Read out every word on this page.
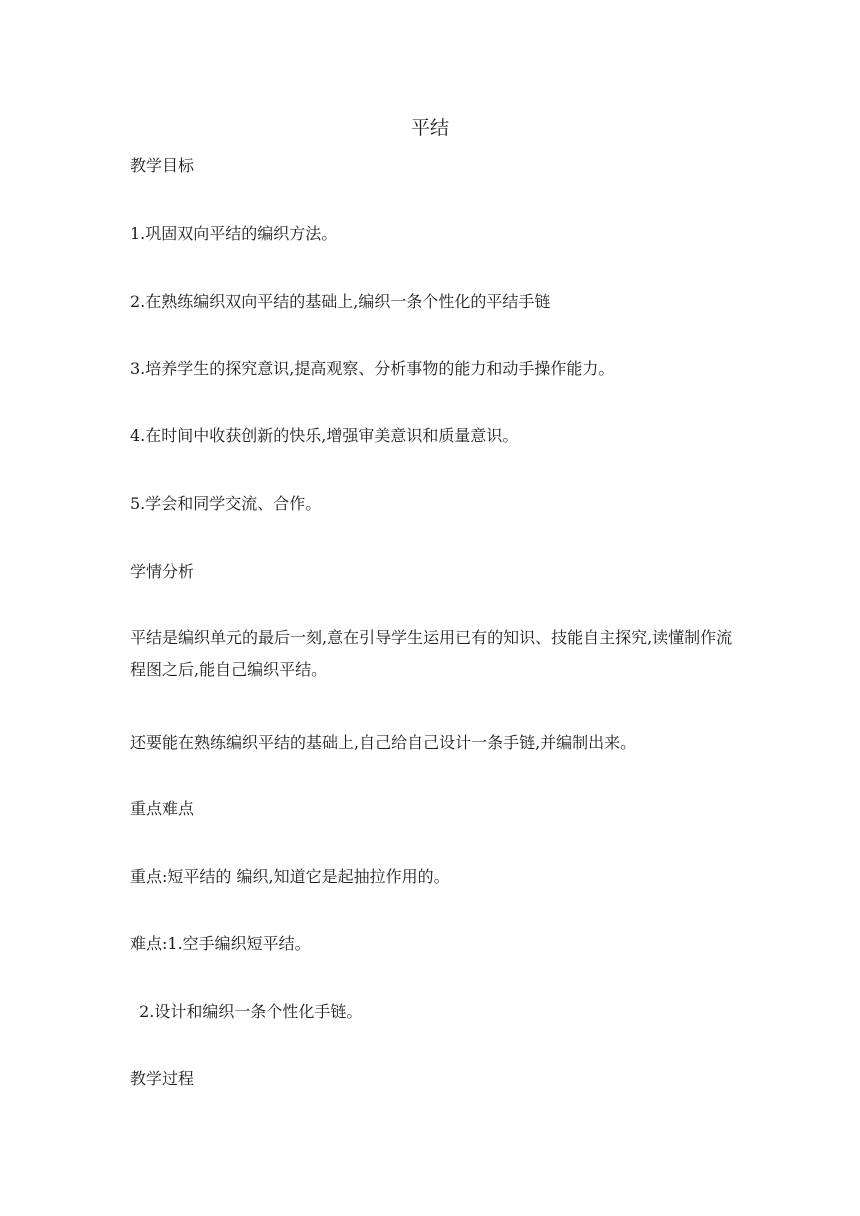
平结
教学目标
1.巩固双向平结的编织方法。
2.在熟练编织双向平结的基础上,编织一条个性化的平结手链
3.培养学生的探究意识,提高观察、分析事物的能力和动手操作能力。
4.在时间中收获创新的快乐,增强审美意识和质量意识。
5.学会和同学交流、合作。
学情分析
平结是编织单元的最后一刻,意在引导学生运用已有的知识、技能自主探究,读懂制作流程图之后,能自己编织平结。
还要能在熟练编织平结的基础上,自己给自己设计一条手链,并编制出来。
重点难点
重点:短平结的 编织,知道它是起抽拉作用的。
难点:1.空手编织短平结。
2.设计和编织一条个性化手链。
教学过程
